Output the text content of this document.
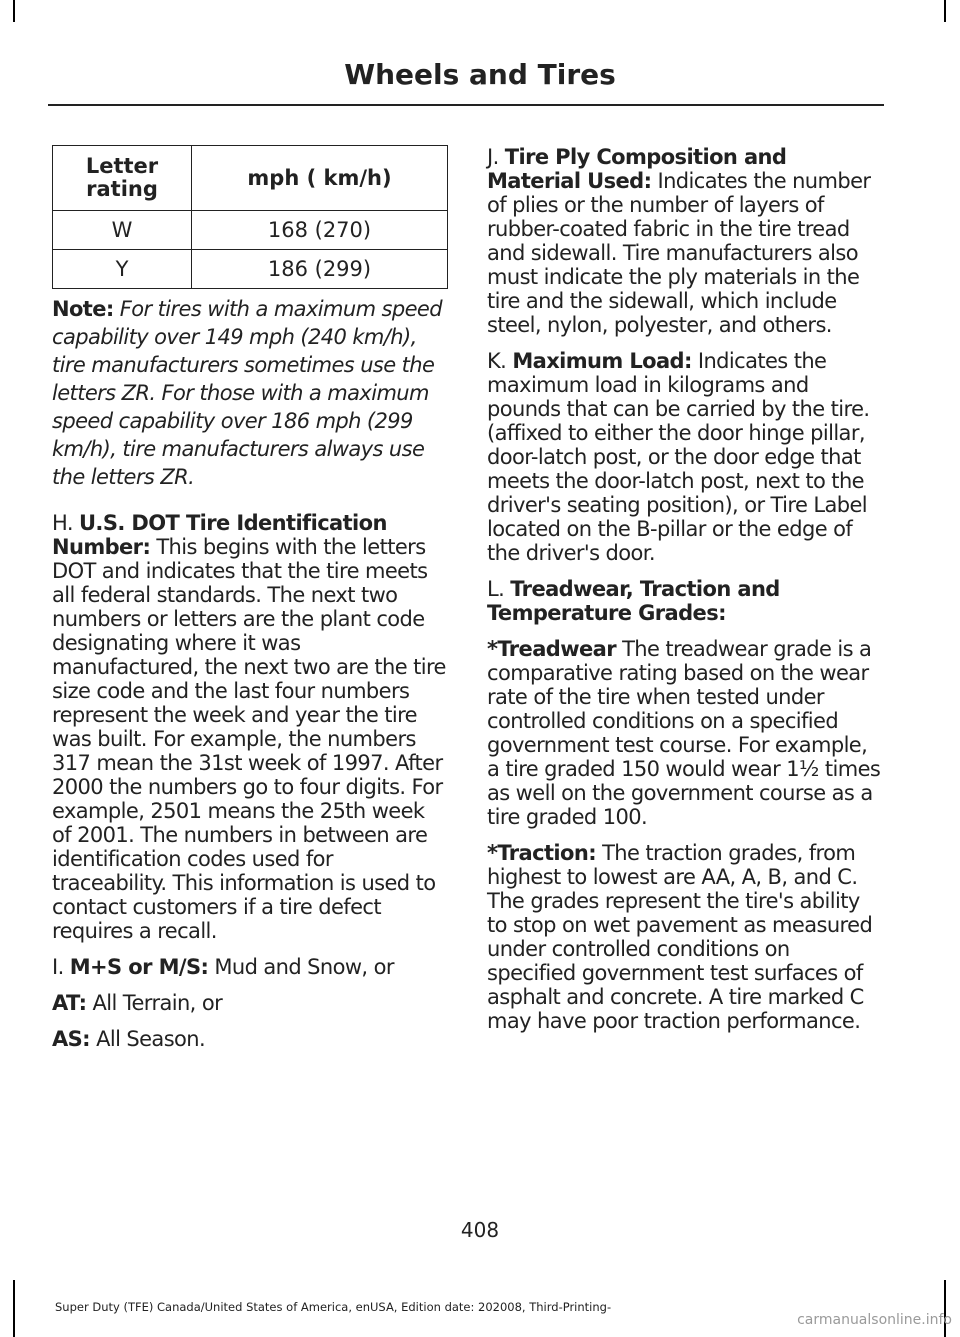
Wheels and Tires
Letter rating	mph ( km/h)
W	168 (270)
Y	186 (299)

Note: For tires with a maximum speed capability over 149 mph (240 km/h), tire manufacturers sometimes use the letters ZR. For those with a maximum speed capability over 186 mph (299 km/h), tire manufacturers always use the letters ZR.

H. U.S. DOT Tire Identification Number: This begins with the letters DOT and indicates that the tire meets all federal standards. The next two numbers or letters are the plant code designating where it was manufactured, the next two are the tire size code and the last four numbers represent the week and year the tire was built. For example, the numbers 317 mean the 31st week of 1997. After 2000 the numbers go to four digits. For example, 2501 means the 25th week of 2001. The numbers in between are identification codes used for traceability. This information is used to contact customers if a tire defect requires a recall.

I. M+S or M/S: Mud and Snow, or

AT: All Terrain, or

AS: All Season.

J. Tire Ply Composition and Material Used: Indicates the number of plies or the number of layers of rubber-coated fabric in the tire tread and sidewall. Tire manufacturers also must indicate the ply materials in the tire and the sidewall, which include steel, nylon, polyester, and others.

K. Maximum Load: Indicates the maximum load in kilograms and pounds that can be carried by the tire. (affixed to either the door hinge pillar, door-latch post, or the door edge that meets the door-latch post, next to the driver's seating position), or Tire Label located on the B-pillar or the edge of the driver's door.

L. Treadwear, Traction and Temperature Grades:

*Treadwear The treadwear grade is a comparative rating based on the wear rate of the tire when tested under controlled conditions on a specified government test course. For example, a tire graded 150 would wear 1½ times as well on the government course as a tire graded 100.

*Traction: The traction grades, from highest to lowest are AA, A, B, and C. The grades represent the tire's ability to stop on wet pavement as measured under controlled conditions on specified government test surfaces of asphalt and concrete. A tire marked C may have poor traction performance.

408
Super Duty (TFE) Canada/United States of America, enUSA, Edition date: 202008, Third-Printing-
carmanualsonline.info
